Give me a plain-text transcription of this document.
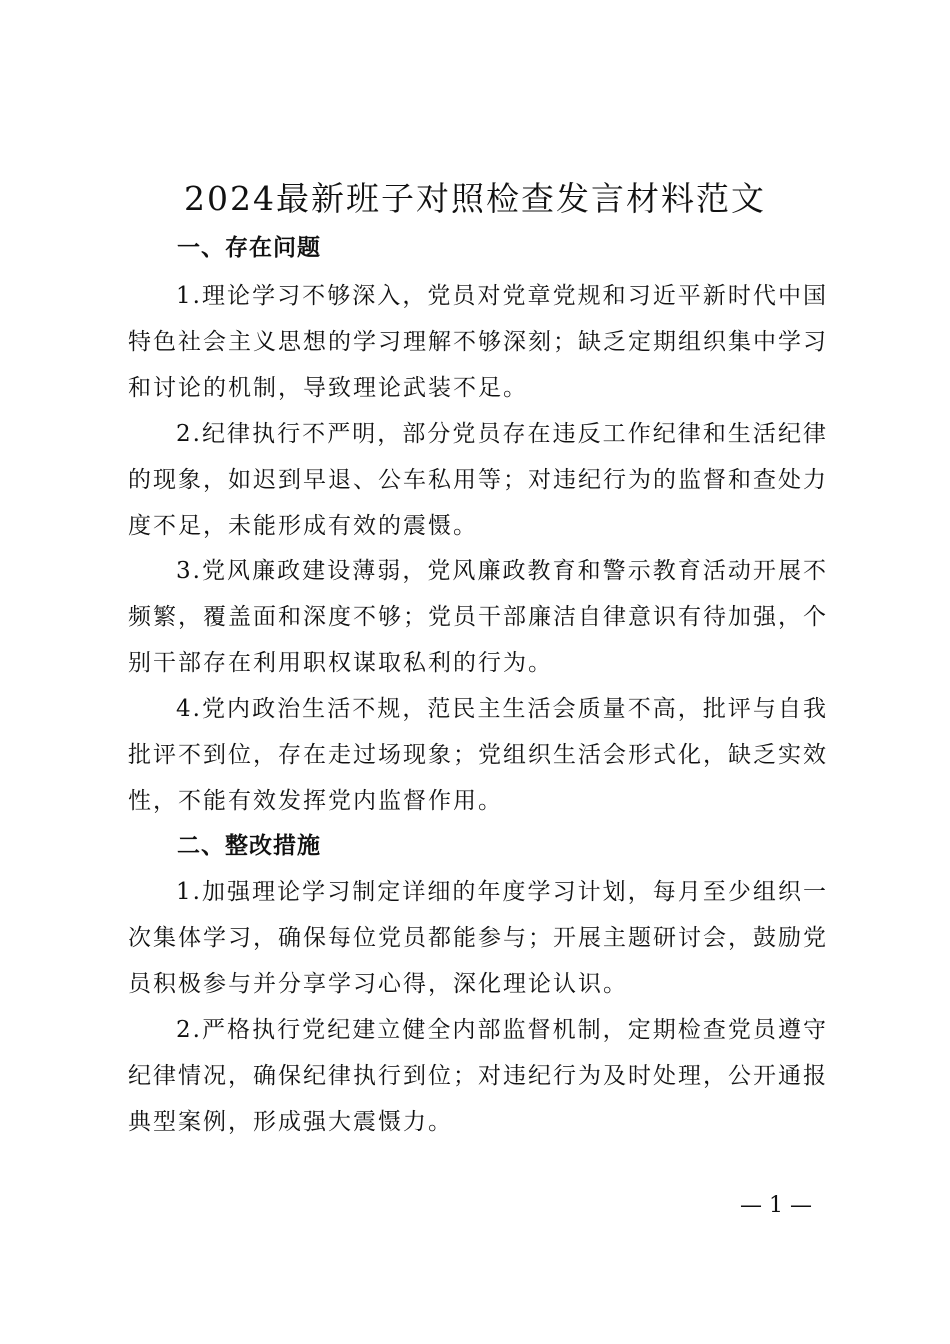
2024最新班子对照检查发言材料范文
一、存在问题

1.理论学习不够深入，党员对党章党规和习近平新时代中国特色社会主义思想的学习理解不够深刻；缺乏定期组织集中学习和讨论的机制，导致理论武装不足。

2.纪律执行不严明，部分党员存在违反工作纪律和生活纪律的现象，如迟到早退、公车私用等；对违纪行为的监督和查处力度不足，未能形成有效的震慑。

3.党风廉政建设薄弱，党风廉政教育和警示教育活动开展不频繁，覆盖面和深度不够；党员干部廉洁自律意识有待加强，个别干部存在利用职权谋取私利的行为。

4.党内政治生活不规，范民主生活会质量不高，批评与自我批评不到位，存在走过场现象；党组织生活会形式化，缺乏实效性，不能有效发挥党内监督作用。

二、整改措施

1.加强理论学习制定详细的年度学习计划，每月至少组织一次集体学习，确保每位党员都能参与；开展主题研讨会，鼓励党员积极参与并分享学习心得，深化理论认识。

2.严格执行党纪建立健全内部监督机制，定期检查党员遵守纪律情况，确保纪律执行到位；对违纪行为及时处理，公开通报典型案例，形成强大震慑力。

— 1 —
